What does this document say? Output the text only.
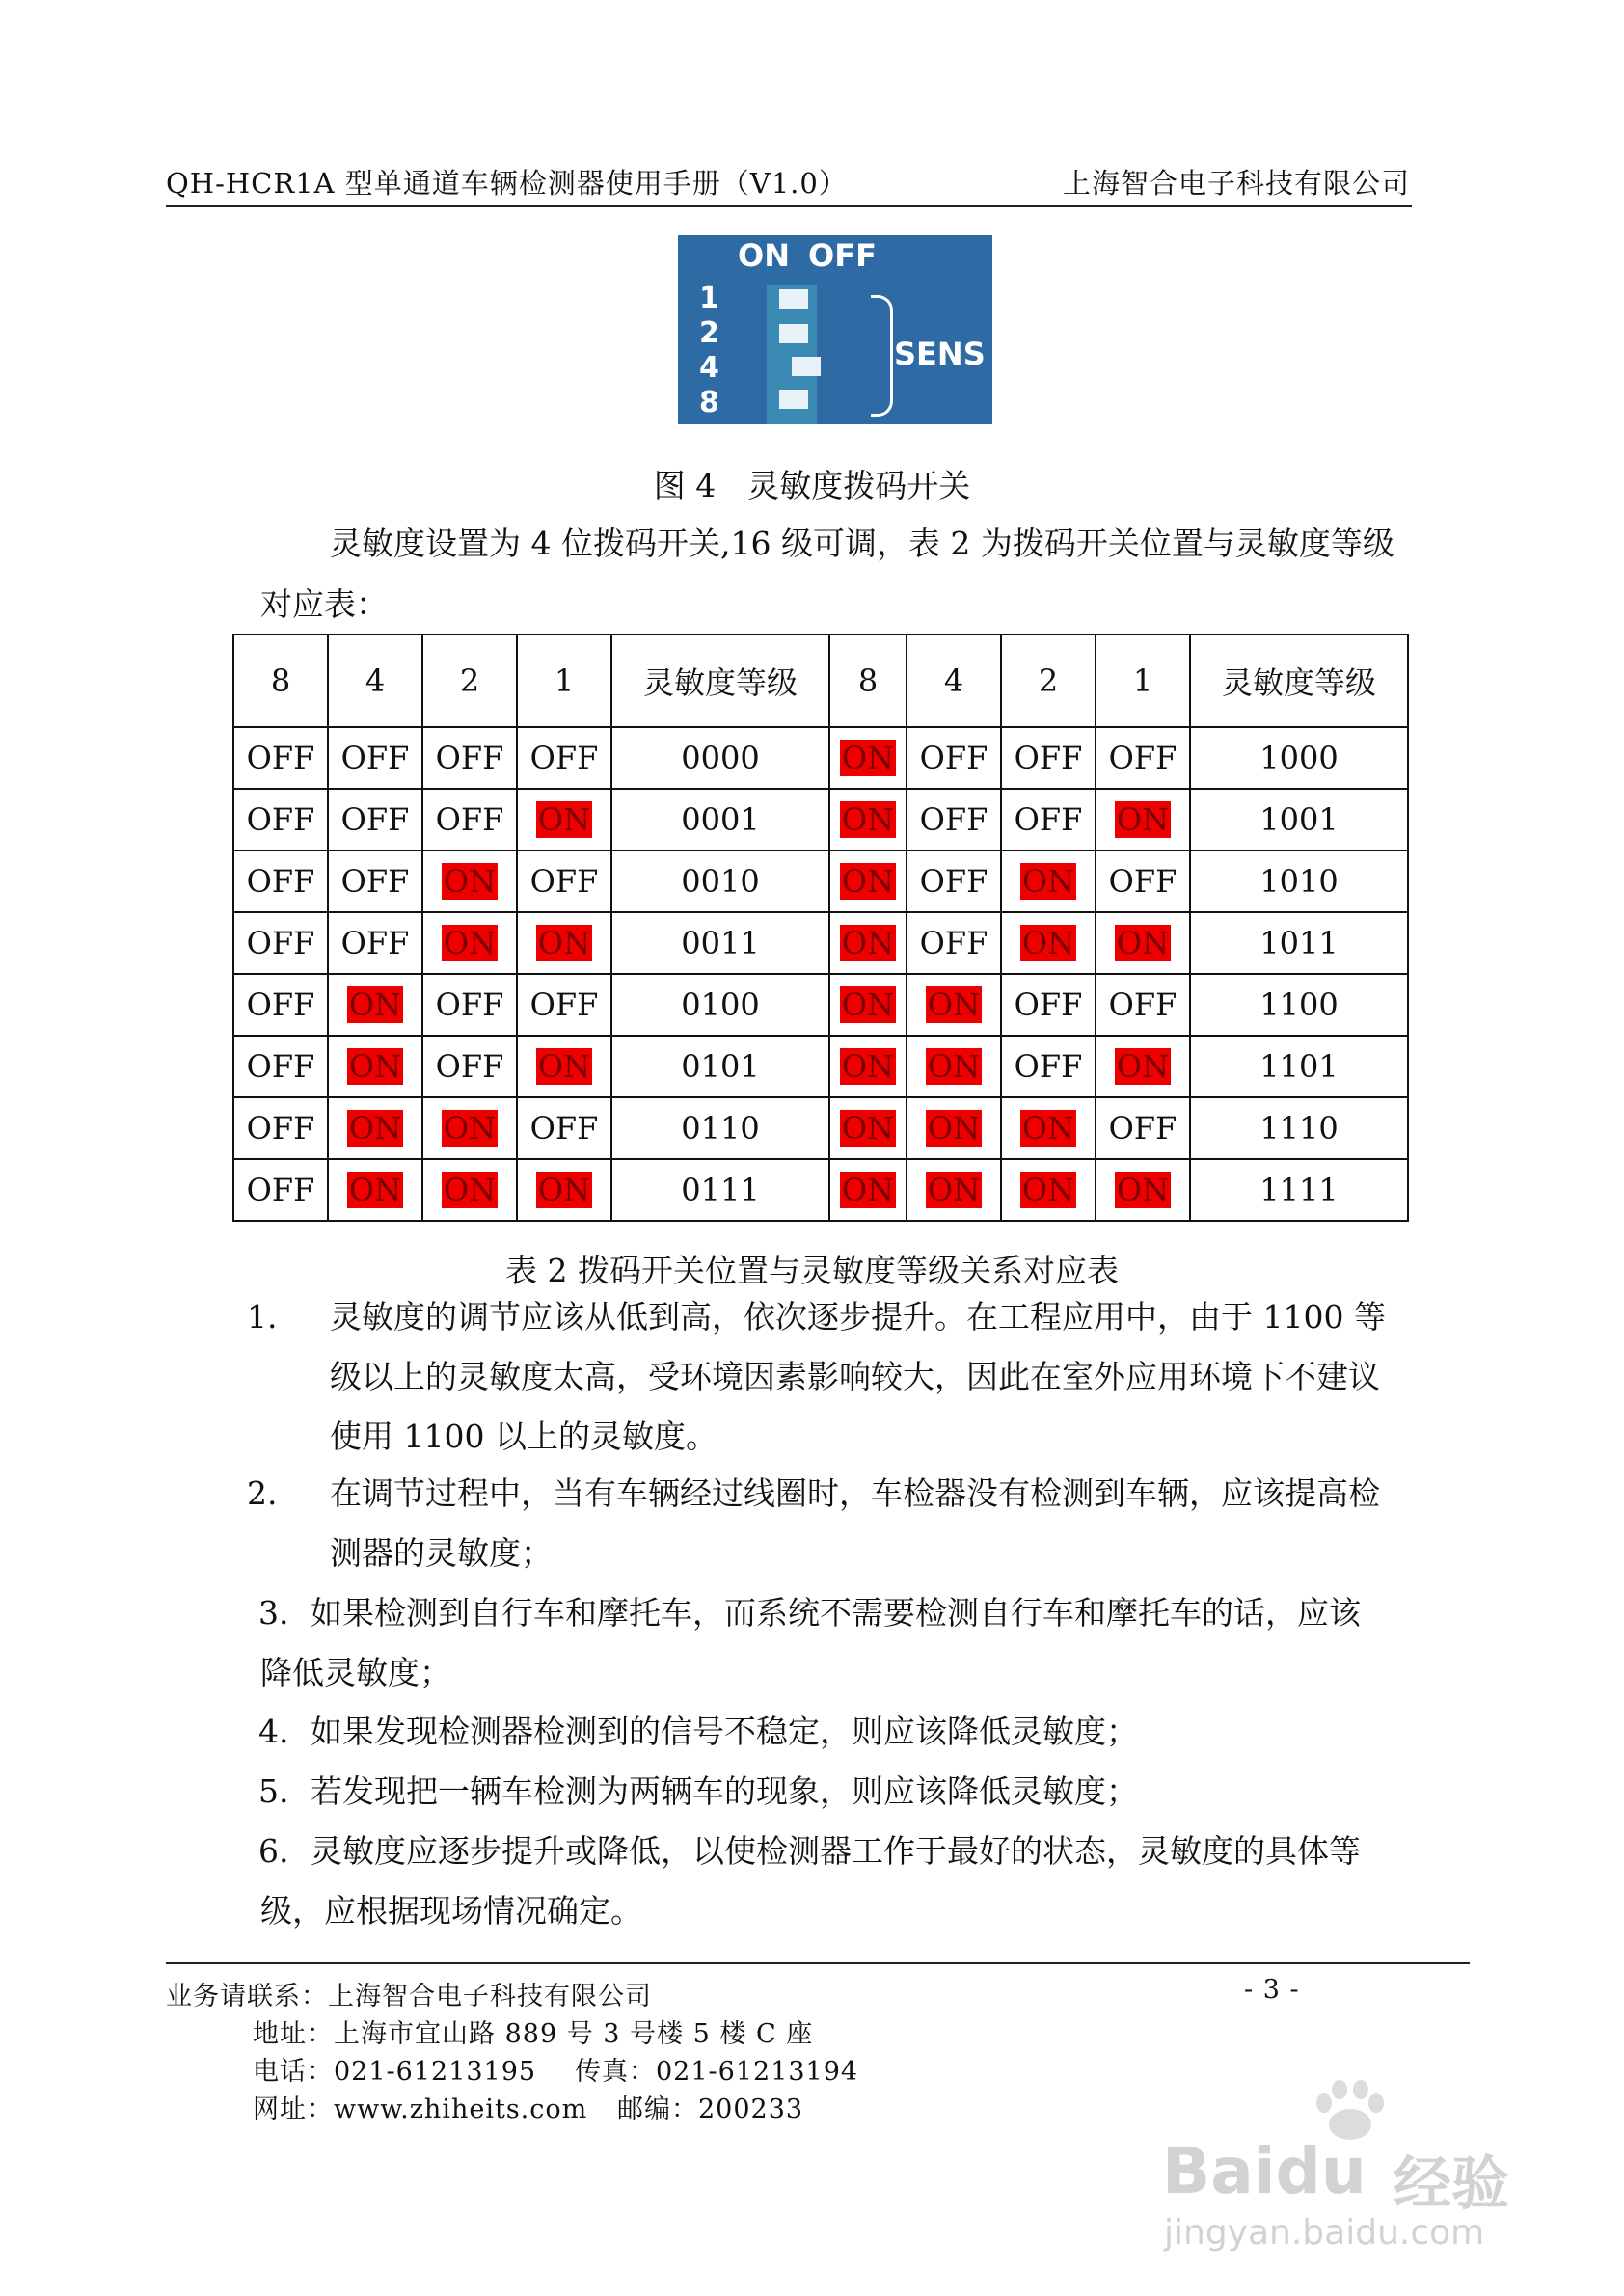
QH-HCR1A 型单通道车辆检测器使用手册（V1.0）	上海智合电子科技有限公司
ON OFF
1
2
4
8
SENS
图 4　灵敏度拨码开关
灵敏度设置为 4 位拨码开关,16 级可调，表 2 为拨码开关位置与灵敏度等级
对应表：
8	4	2	1	灵敏度等级	8	4	2	1	灵敏度等级
OFF	OFF	OFF	OFF	0000	ON	OFF	OFF	OFF	1000
OFF	OFF	OFF	ON	0001	ON	OFF	OFF	ON	1001
OFF	OFF	ON	OFF	0010	ON	OFF	ON	OFF	1010
OFF	OFF	ON	ON	0011	ON	OFF	ON	ON	1011
OFF	ON	OFF	OFF	0100	ON	ON	OFF	OFF	1100
OFF	ON	OFF	ON	0101	ON	ON	OFF	ON	1101
OFF	ON	ON	OFF	0110	ON	ON	ON	OFF	1110
OFF	ON	ON	ON	0111	ON	ON	ON	ON	1111
表 2 拨码开关位置与灵敏度等级关系对应表
1. 灵敏度的调节应该从低到高，依次逐步提升。在工程应用中，由于 1100 等
级以上的灵敏度太高，受环境因素影响较大，因此在室外应用环境下不建议
使用 1100 以上的灵敏度。
2. 在调节过程中，当有车辆经过线圈时，车检器没有检测到车辆，应该提高检
测器的灵敏度；
3. 如果检测到自行车和摩托车，而系统不需要检测自行车和摩托车的话，应该
降低灵敏度；
4. 如果发现检测器检测到的信号不稳定，则应该降低灵敏度；
5. 若发现把一辆车检测为两辆车的现象，则应该降低灵敏度；
6. 灵敏度应逐步提升或降低，以使检测器工作于最好的状态，灵敏度的具体等
级，应根据现场情况确定。
业务请联系：上海智合电子科技有限公司	- 3 -
地址：上海市宜山路 889 号 3 号楼 5 楼 C 座
电话：021-61213195 传真：021-61213194
网址：www.zhiheits.com 邮编：200233
Baidu 经验
jingyan.baidu.com
